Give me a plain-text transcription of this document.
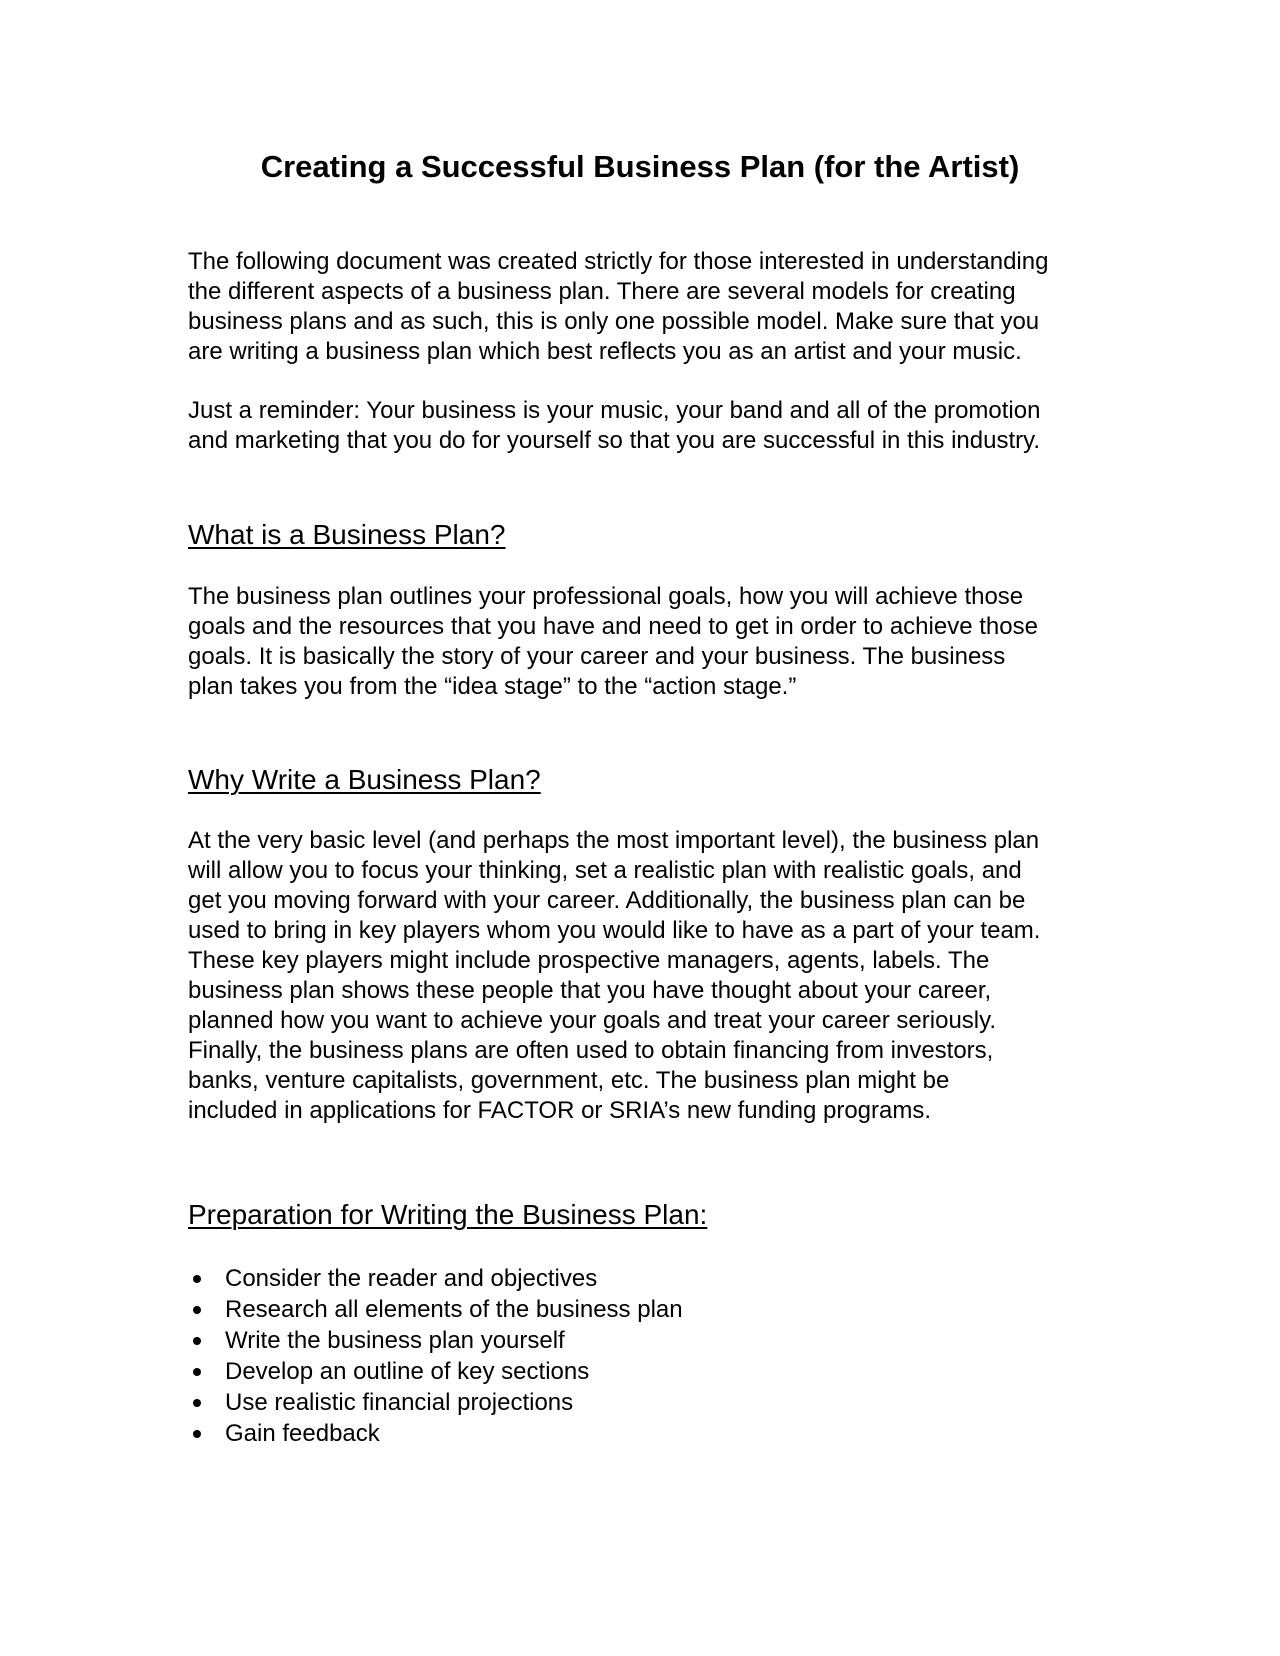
Creating a Successful Business Plan (for the Artist)

The following document was created strictly for those interested in understanding
the different aspects of a business plan. There are several models for creating
business plans and as such, this is only one possible model. Make sure that you
are writing a business plan which best reflects you as an artist and your music.

Just a reminder: Your business is your music, your band and all of the promotion
and marketing that you do for yourself so that you are successful in this industry.

What is a Business Plan?

The business plan outlines your professional goals, how you will achieve those
goals and the resources that you have and need to get in order to achieve those
goals. It is basically the story of your career and your business. The business
plan takes you from the “idea stage” to the “action stage.”

Why Write a Business Plan?

At the very basic level (and perhaps the most important level), the business plan
will allow you to focus your thinking, set a realistic plan with realistic goals, and
get you moving forward with your career. Additionally, the business plan can be
used to bring in key players whom you would like to have as a part of your team.
These key players might include prospective managers, agents, labels. The
business plan shows these people that you have thought about your career,
planned how you want to achieve your goals and treat your career seriously.
Finally, the business plans are often used to obtain financing from investors,
banks, venture capitalists, government, etc. The business plan might be
included in applications for FACTOR or SRIA’s new funding programs.

Preparation for Writing the Business Plan:
Consider the reader and objectives
Research all elements of the business plan
Write the business plan yourself
Develop an outline of key sections
Use realistic financial projections
Gain feedback
